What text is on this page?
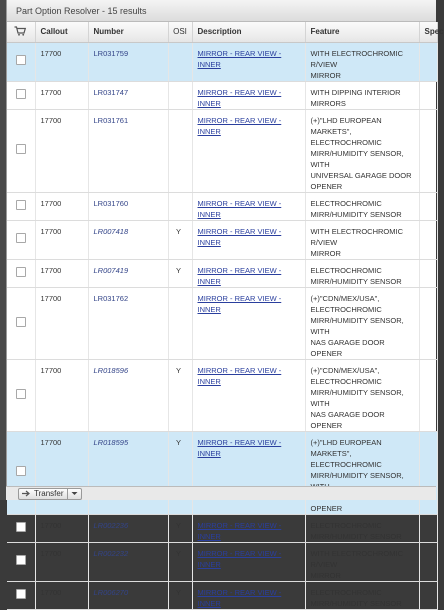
Part Option Resolver - 15 results
	Callout	Number	OSI	Description	Feature	Spec
	17700	LR031759		MIRROR - REAR VIEW - INNER	WITH ELECTROCHROMIC R/VIEW
MIRROR	

	17700	LR031747		MIRROR - REAR VIEW - INNER	WITH DIPPING INTERIOR
MIRRORS	

	17700	LR031761		MIRROR - REAR VIEW - INNER	(+)"LHD EUROPEAN MARKETS",
ELECTROCHROMIC
MIRR/HUMIDITY SENSOR, WITH
UNIVERSAL GARAGE DOOR
OPENER	

	17700	LR031760		MIRROR - REAR VIEW - INNER	ELECTROCHROMIC
MIRR/HUMIDITY SENSOR	

	17700	LR007418	Y	MIRROR - REAR VIEW - INNER	WITH ELECTROCHROMIC R/VIEW
MIRROR	

	17700	LR007419	Y	MIRROR - REAR VIEW - INNER	ELECTROCHROMIC
MIRR/HUMIDITY SENSOR	

	17700	LR031762		MIRROR - REAR VIEW - INNER	(+)"CDN/MEX/USA",
ELECTROCHROMIC
MIRR/HUMIDITY SENSOR, WITH
NAS GARAGE DOOR OPENER	

	17700	LR018596	Y	MIRROR - REAR VIEW - INNER	(+)"CDN/MEX/USA",
ELECTROCHROMIC
MIRR/HUMIDITY SENSOR, WITH
NAS GARAGE DOOR OPENER	

	17700	LR018595	Y	MIRROR - REAR VIEW - INNER	(+)"LHD EUROPEAN MARKETS",
ELECTROCHROMIC
MIRR/HUMIDITY SENSOR,
OPENER	

	17700	LR002236	Y	MIRROR - REAR VIEW - INNER	ELECTROCHROMIC
MIRR/HUMIDITY SENSOR	

	17700	LR002232	Y	MIRROR - REAR VIEW - INNER	WITH ELECTROCHROMIC R/VIEW
MIRROR	

	17700	LR006270	Y	MIRROR - REAR VIEW - INNER	ELECTROCHROMIC
MIRR/HUMIDITY SENSOR	

Transfer
